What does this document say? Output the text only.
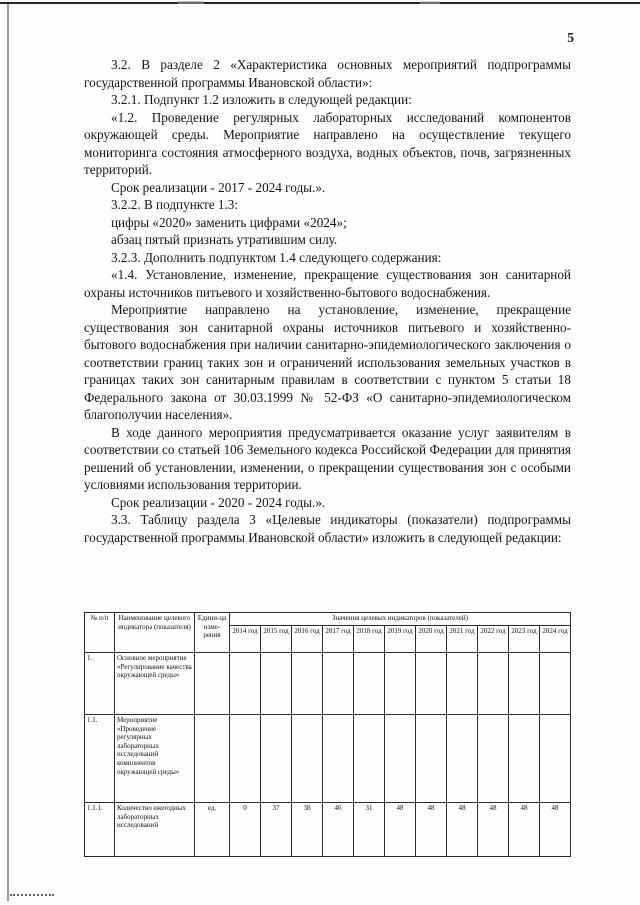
5

3.2. В разделе 2 «Характеристика основных мероприятий подпрограммы государственной программы Ивановской области»:

3.2.1. Подпункт 1.2 изложить в следующей редакции:

«1.2. Проведение регулярных лабораторных исследований компонентов окружающей среды. Мероприятие направлено на осуществление текущего мониторинга состояния атмосферного воздуха, водных объектов, почв, загрязненных территорий.

Срок реализации - 2017 - 2024 годы.».

3.2.2. В подпункте 1.3:

цифры «2020» заменить цифрами «2024»;

абзац пятый признать утратившим силу.

3.2.3. Дополнить подпунктом 1.4 следующего содержания:

«1.4. Установление, изменение, прекращение существования зон санитарной охраны источников питьевого и хозяйственно-бытового водоснабжения.

Мероприятие направлено на установление, изменение, прекращение существования зон санитарной охраны источников питьевого и хозяйственно-бытового водоснабжения при наличии санитарно-эпидемиологического заключения о соответствии границ таких зон и ограничений использования земельных участков в границах таких зон санитарным правилам в соответствии с пунктом 5 статьи 18 Федерального закона от 30.03.1999 № 52-ФЗ «О санитарно-эпидемиологическом благополучии населения».

В ходе данного мероприятия предусматривается оказание услуг заявителям в соответствии со статьей 106 Земельного кодекса Российской Федерации для принятия решений об установлении, изменении, о прекращении существования зон с особыми условиями использования территории.

Срок реализации - 2020 - 2024 годы.».

3.3. Таблицу раздела 3 «Целевые индикаторы (показатели) подпрограммы государственной программы Ивановской области» изложить в следующей редакции:

№ п/п	Наименование целевого индикатора (показателя)	Едини-ца изме-рения	Значения целевых индикаторов (показателей)										
			2014 год	2015 год	2016 год	2017 год	2018 год	2019 год	2020 год	2021 год	2022 год	2023 год	2024 год
1.	Основное мероприятие «Регулирование качества окружающей среды»												
1.1.	Мероприятие «Проведение регулярных лабораторных исследований компонентов окружающей среды»												
1.1.1.	Количество ежегодных лабораторных исследований	ед.	0	37	38	46	31	48	48	48	48	48	48
